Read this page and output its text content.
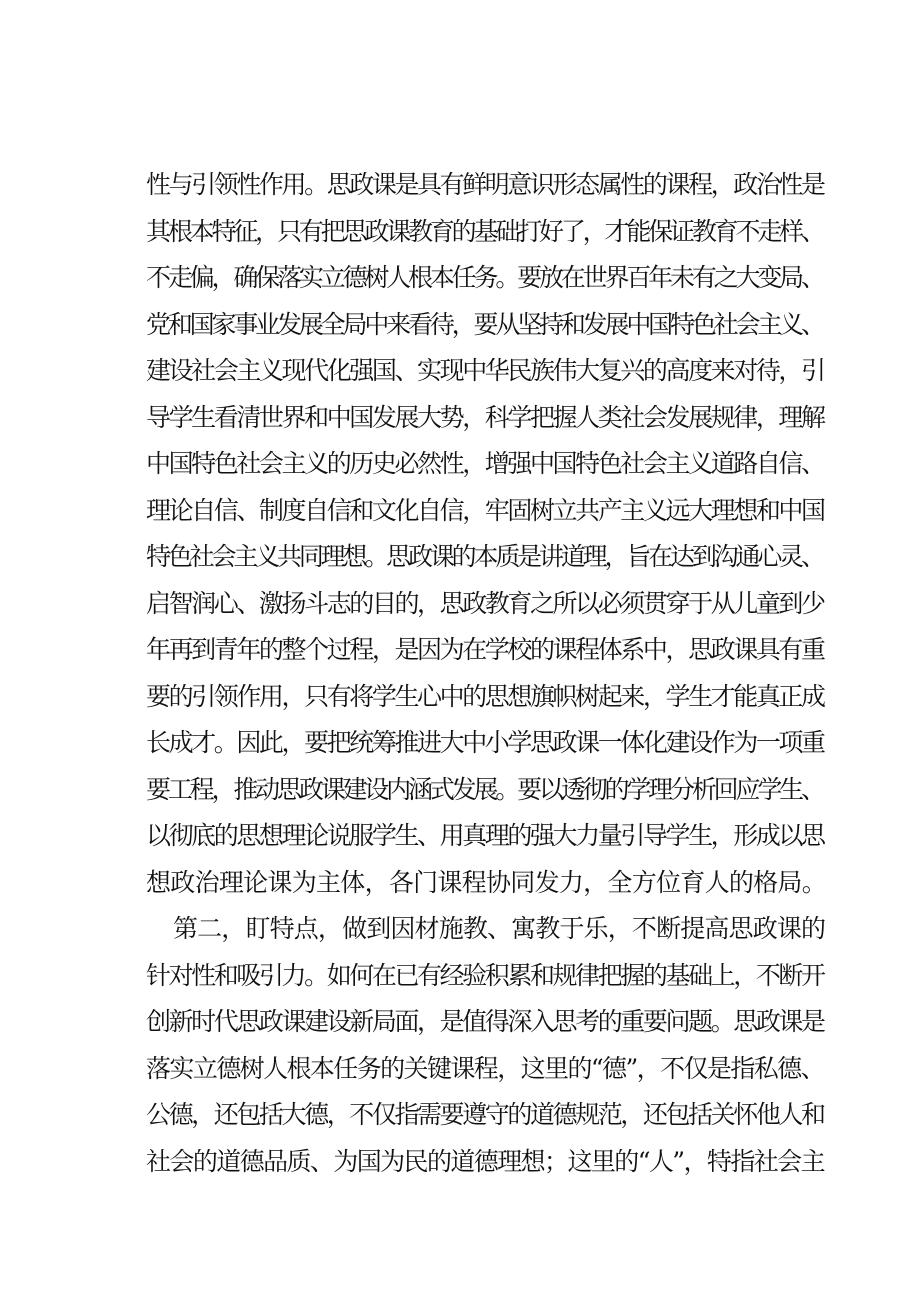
性与引领性作用。思政课是具有鲜明意识形态属性的课程，政治性是
其根本特征，只有把思政课教育的基础打好了，才能保证教育不走样、
不走偏，确保落实立德树人根本任务。要放在世界百年未有之大变局、
党和国家事业发展全局中来看待，要从坚持和发展中国特色社会主义、
建设社会主义现代化强国、实现中华民族伟大复兴的高度来对待，引
导学生看清世界和中国发展大势，科学把握人类社会发展规律，理解
中国特色社会主义的历史必然性，增强中国特色社会主义道路自信、
理论自信、制度自信和文化自信，牢固树立共产主义远大理想和中国
特色社会主义共同理想。思政课的本质是讲道理，旨在达到沟通心灵、
启智润心、激扬斗志的目的，思政教育之所以必须贯穿于从儿童到少
年再到青年的整个过程，是因为在学校的课程体系中，思政课具有重
要的引领作用，只有将学生心中的思想旗帜树起来，学生才能真正成
长成才。因此，要把统筹推进大中小学思政课一体化建设作为一项重
要工程，推动思政课建设内涵式发展。要以透彻的学理分析回应学生、
以彻底的思想理论说服学生、用真理的强大力量引导学生，形成以思
想政治理论课为主体，各门课程协同发力，全方位育人的格局。
第二，盯特点，做到因材施教、寓教于乐，不断提高思政课的
针对性和吸引力。如何在已有经验积累和规律把握的基础上，不断开
创新时代思政课建设新局面，是值得深入思考的重要问题。思政课是
落实立德树人根本任务的关键课程，这里的“德”，不仅是指私德、
公德，还包括大德，不仅指需要遵守的道德规范，还包括关怀他人和
社会的道德品质、为国为民的道德理想；这里的“人”，特指社会主
